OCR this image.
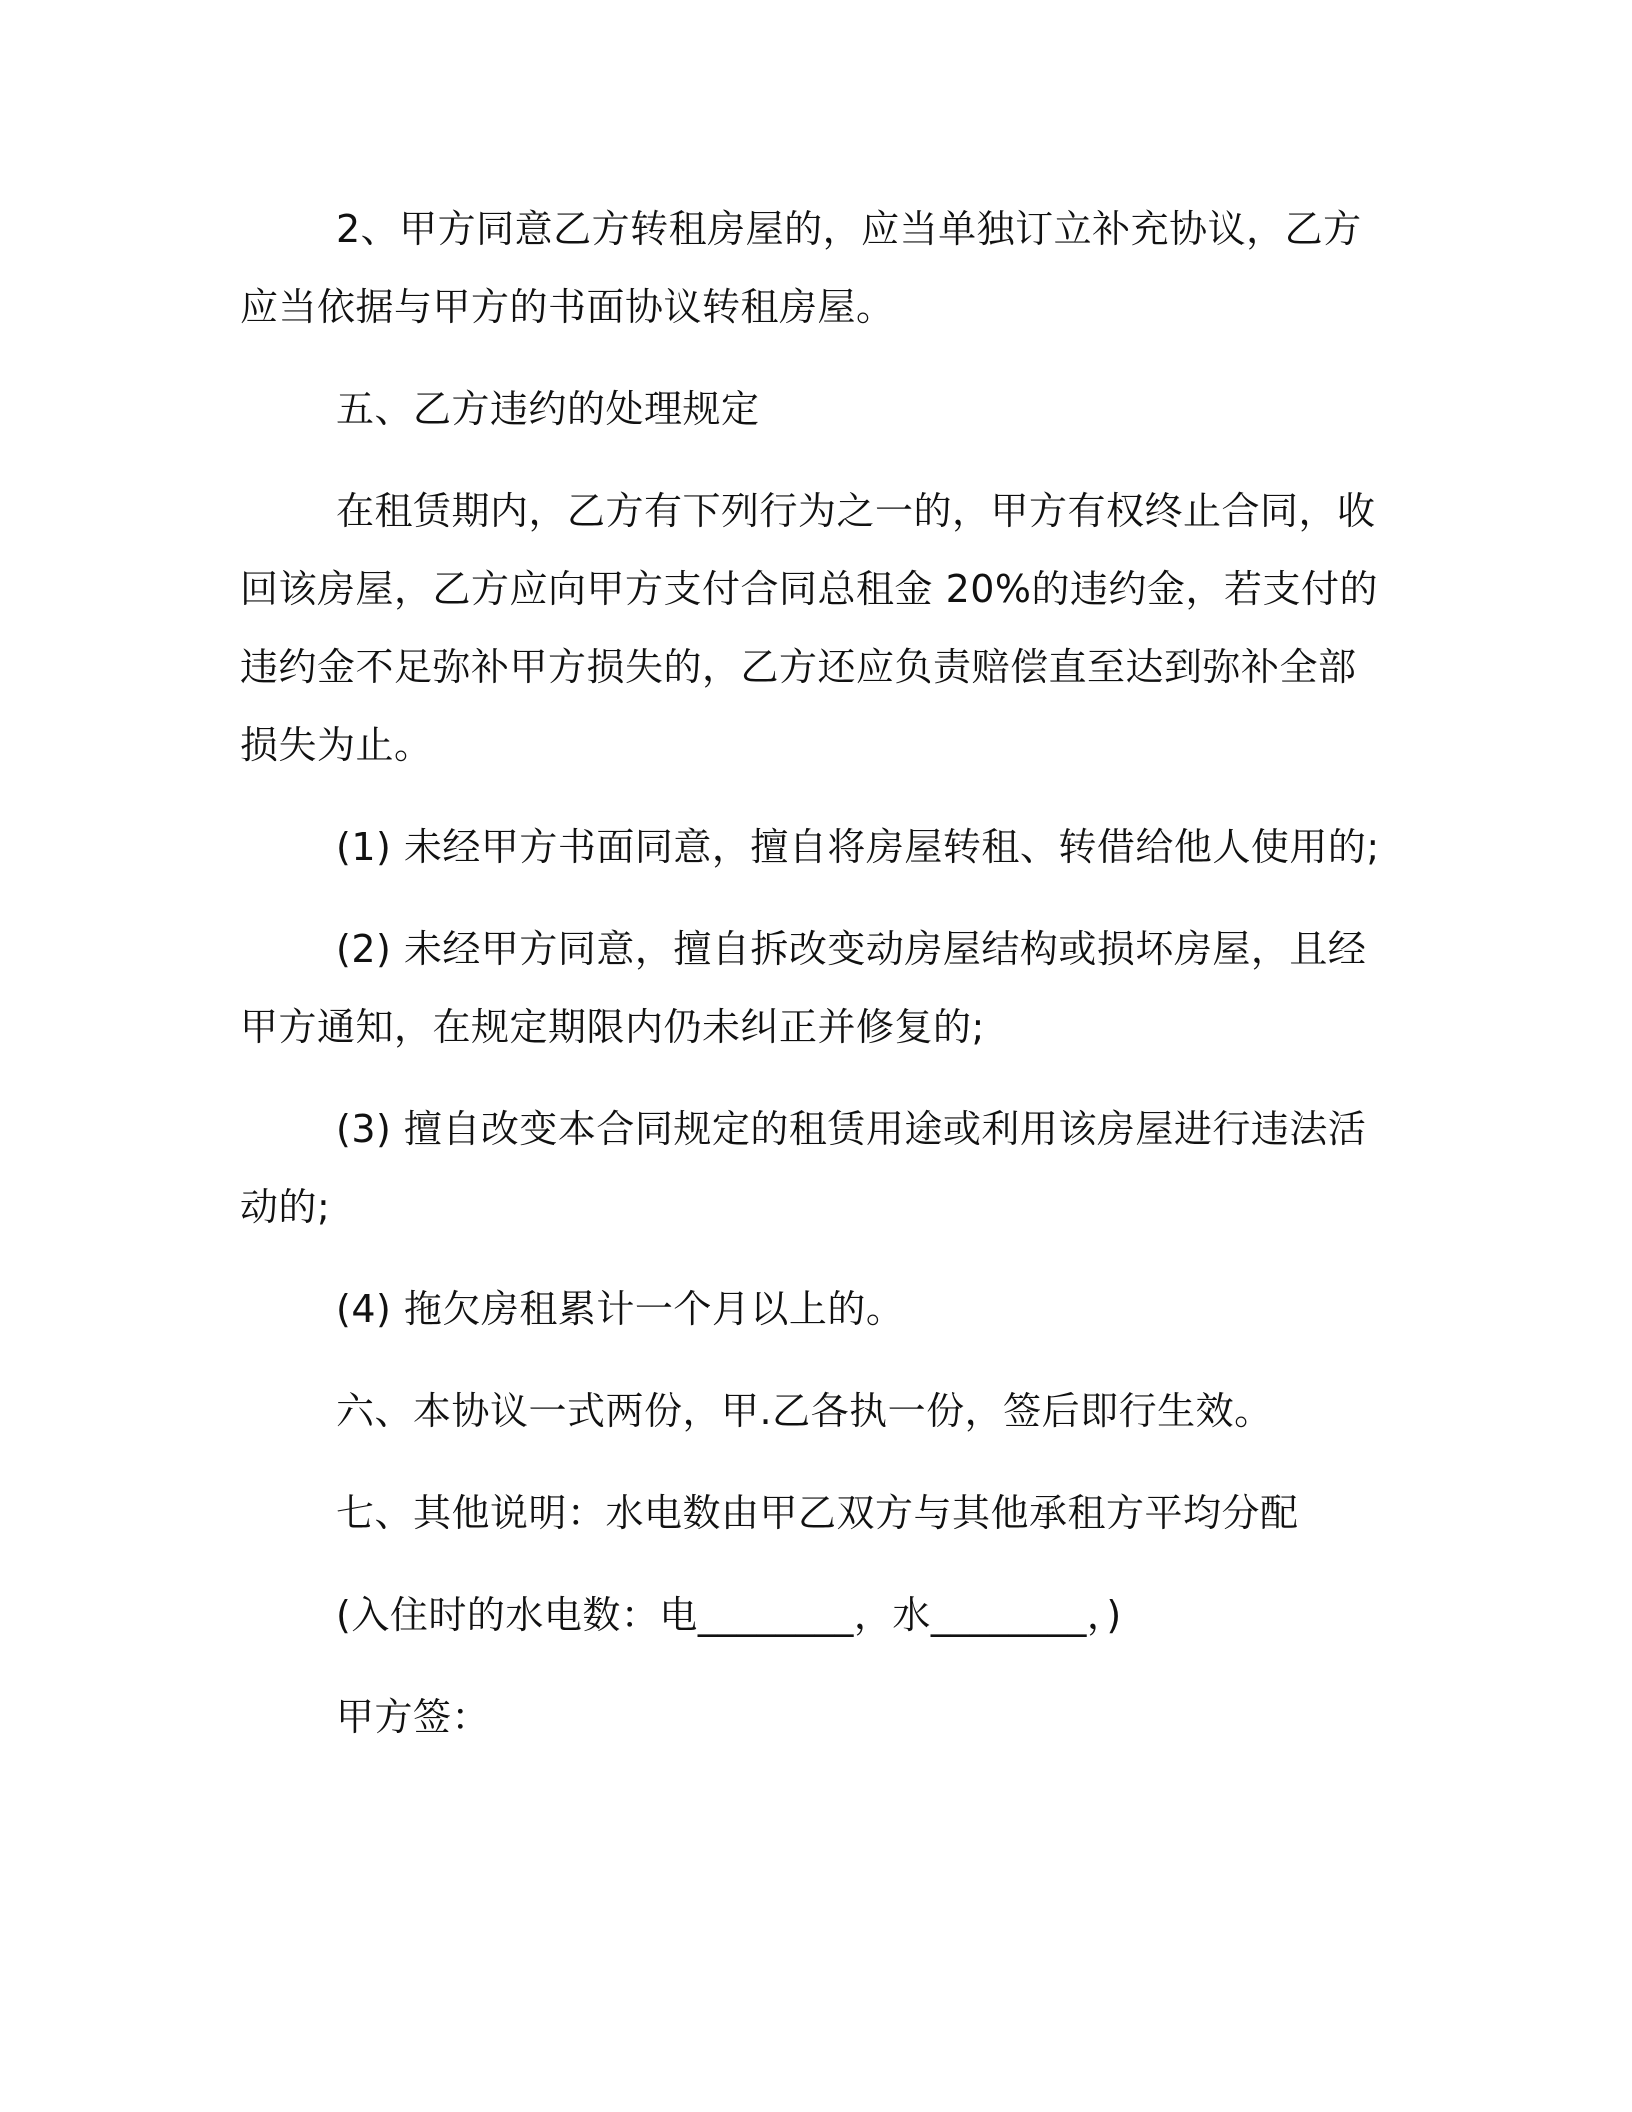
2、甲方同意乙方转租房屋的，应当单独订立补充协议，乙方应当依据与甲方的书面协议转租房屋。

五、乙方违约的处理规定

在租赁期内，乙方有下列行为之一的，甲方有权终止合同，收回该房屋，乙方应向甲方支付合同总租金 20%的违约金，若支付的违约金不足弥补甲方损失的，乙方还应负责赔偿直至达到弥补全部损失为止。

(1) 未经甲方书面同意，擅自将房屋转租、转借给他人使用的;

(2) 未经甲方同意，擅自拆改变动房屋结构或损坏房屋，且经甲方通知，在规定期限内仍未纠正并修复的;

(3) 擅自改变本合同规定的租赁用途或利用该房屋进行违法活动的;

(4) 拖欠房租累计一个月以上的。

六、本协议一式两份，甲.乙各执一份，签后即行生效。

七、其他说明：水电数由甲乙双方与其他承租方平均分配

(入住时的水电数：电________，水________，)

甲方签：
